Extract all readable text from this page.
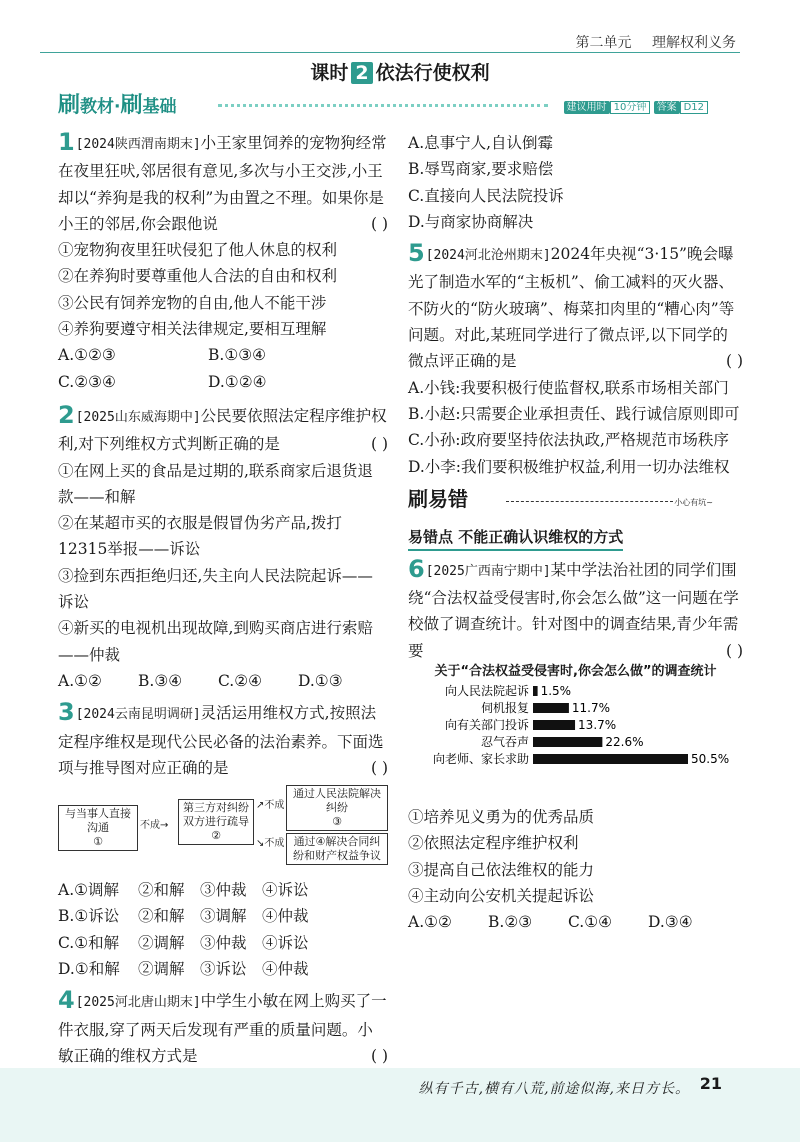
第二单元 理解权利义务
课时 2 依法行使权利
刷教材·刷基础	建议用时 10分钟 答案 D12

1[2024陕西渭南期末]小王家里饲养的宠物狗经常在夜里狂吠,邻居很有意见,多次与小王交涉,小王却以“养狗是我的权利”为由置之不理。如果你是小王的邻居,你会跟他说	( )

①宠物狗夜里狂吠侵犯了他人休息的权利

②在养狗时要尊重他人合法的自由和权利

③公民有饲养宠物的自由,他人不能干涉

④养狗要遵守相关法律规定,要相互理解

A.①②③	B.①③④
C.②③④	D.①②④

2[2025山东威海期中]公民要依照法定程序维护权利,对下列维权方式判断正确的是	( )

①在网上买的食品是过期的,联系商家后退货退款——和解

②在某超市买的衣服是假冒伪劣产品,拨打12315举报——诉讼

③捡到东西拒绝归还,失主向人民法院起诉——诉讼

④新买的电视机出现故障,到购买商店进行索赔——仲裁

A.①②	B.③④	C.②④	D.①③

3[2024云南昆明调研]灵活运用维权方式,按照法定程序维权是现代公民必备的法治素养。下面选项与推导图对应正确的是	( )

与当事人直接沟通
①
不成→
第三方对纠纷双方进行疏导
②
↗不成
↘不成
通过人民法院解决纠纷
③
通过④解决合同纠纷和财产权益争议
A.①调解	②和解 ③仲裁 ④诉讼
B.①诉讼	②和解 ③调解 ④仲裁
C.①和解	②调解 ③仲裁 ④诉讼
D.①和解	②调解 ③诉讼 ④仲裁

4[2025河北唐山期末]中学生小敏在网上购买了一件衣服,穿了两天后发现有严重的质量问题。小敏正确的维权方式是	( )

A.息事宁人,自认倒霉

B.辱骂商家,要求赔偿

C.直接向人民法院投诉

D.与商家协商解决

5[2024河北沧州期末]2024年央视“3·15”晚会曝光了制造水军的“主板机”、偷工减料的灭火器、不防火的“防火玻璃”、梅菜扣肉里的“糟心肉”等问题。对此,某班同学进行了微点评,以下同学的微点评正确的是	( )

A.小钱:我要积极行使监督权,联系市场相关部门

B.小赵:只需要企业承担责任、践行诚信原则即可

C.小孙:政府要坚持依法执政,严格规范市场秩序

D.小李:我们要积极维护权益,利用一切办法维权

刷易错	小心有坑~
易错点 不能正确认识维权的方式

6[2025广西南宁期中]某中学法治社团的同学们围绕“合法权益受侵害时,你会怎么做”这一问题在学校做了调查统计。针对图中的调查结果,青少年需要	( )

关于“合法权益受侵害时,你会怎么做”的调查统计
向人民法院起诉 1.5%
伺机报复	11.7%
向有关部门投诉	13.7%
忍气吞声	22.6%
向老师、家长求助	50.5%

①培养见义勇为的优秀品质

②依照法定程序维护权利

③提高自己依法维权的能力

④主动向公安机关提起诉讼

A.①②	B.②③	C.①④	D.③④
纵有千古,横有八荒,前途似海,来日方长。 21
